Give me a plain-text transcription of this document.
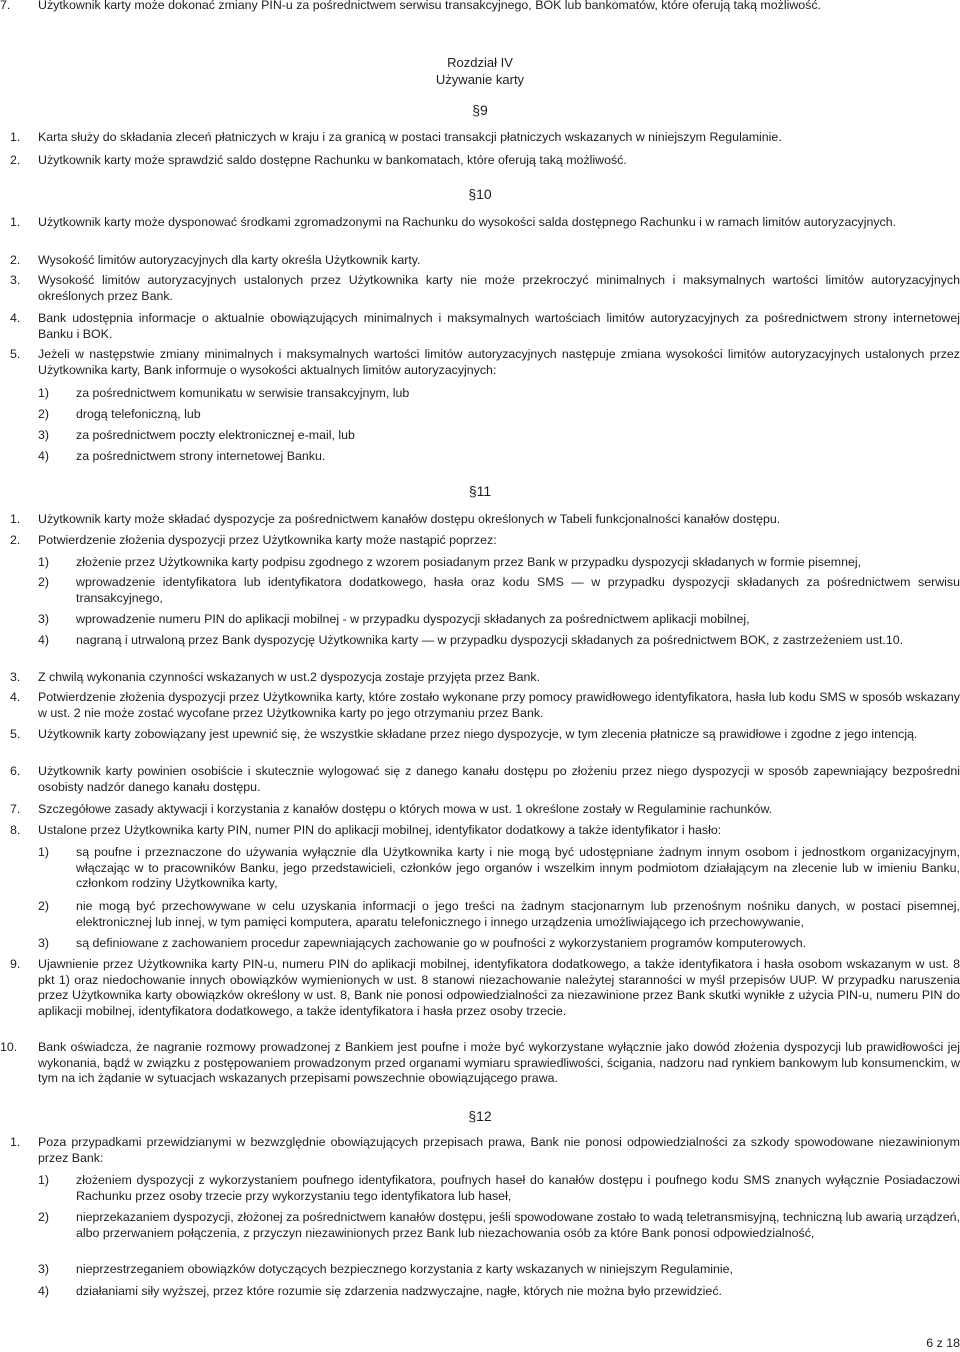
7. Użytkownik karty może dokonać zmiany PIN-u za pośrednictwem serwisu transakcyjnego, BOK lub bankomatów, które oferują taką możliwość.
Rozdział IV
Używanie karty
§9
1. Karta służy do składania zleceń płatniczych w kraju i za granicą w postaci transakcji płatniczych wskazanych w niniejszym Regulaminie.
2. Użytkownik karty może sprawdzić saldo dostępne Rachunku w bankomatach, które oferują taką możliwość.
§10
1. Użytkownik karty może dysponować środkami zgromadzonymi na Rachunku do wysokości salda dostępnego Rachunku i w ramach limitów autoryzacyjnych.
2. Wysokość limitów autoryzacyjnych dla karty określa Użytkownik karty.
3. Wysokość limitów autoryzacyjnych ustalonych przez Użytkownika karty nie może przekroczyć minimalnych i maksymalnych wartości limitów autoryzacyjnych określonych przez Bank.
4. Bank udostępnia informacje o aktualnie obowiązujących minimalnych i maksymalnych wartościach limitów autoryzacyjnych za pośrednictwem strony internetowej Banku i BOK.
5. Jeżeli w następstwie zmiany minimalnych i maksymalnych wartości limitów autoryzacyjnych następuje zmiana wysokości limitów autoryzacyjnych ustalonych przez Użytkownika karty, Bank informuje o wysokości aktualnych limitów autoryzacyjnych:
1) za pośrednictwem komunikatu w serwisie transakcyjnym, lub
2) drogą telefoniczną, lub
3) za pośrednictwem poczty elektronicznej e-mail, lub
4) za pośrednictwem strony internetowej Banku.
§11
1. Użytkownik karty może składać dyspozycje za pośrednictwem kanałów dostępu określonych w Tabeli funkcjonalności kanałów dostępu.
2. Potwierdzenie złożenia dyspozycji przez Użytkownika karty może nastąpić poprzez:
1) złożenie przez Użytkownika karty podpisu zgodnego z wzorem posiadanym przez Bank w przypadku dyspozycji składanych w formie pisemnej,
2) wprowadzenie identyfikatora lub identyfikatora dodatkowego, hasła oraz kodu SMS — w przypadku dyspozycji składanych za pośrednictwem serwisu transakcyjnego,
3) wprowadzenie numeru PIN do aplikacji mobilnej - w przypadku dyspozycji składanych za pośrednictwem aplikacji mobilnej,
4) nagraną i utrwaloną przez Bank dyspozycję Użytkownika karty — w przypadku dyspozycji składanych za pośrednictwem BOK, z zastrzeżeniem ust.10.
3. Z chwilą wykonania czynności wskazanych w ust.2 dyspozycja zostaje przyjęta przez Bank.
4. Potwierdzenie złożenia dyspozycji przez Użytkownika karty, które zostało wykonane przy pomocy prawidłowego identyfikatora, hasła lub kodu SMS w sposób wskazany w ust. 2 nie może zostać wycofane przez Użytkownika karty po jego otrzymaniu przez Bank.
5. Użytkownik karty zobowiązany jest upewnić się, że wszystkie składane przez niego dyspozycje, w tym zlecenia płatnicze są prawidłowe i zgodne z jego intencją.
6. Użytkownik karty powinien osobiście i skutecznie wylogować się z danego kanału dostępu po złożeniu przez niego dyspozycji w sposób zapewniający bezpośredni osobisty nadzór danego kanału dostępu.
7. Szczegółowe zasady aktywacji i korzystania z kanałów dostępu o których mowa w ust. 1 określone zostały w Regulaminie rachunków.
8. Ustalone przez Użytkownika karty PIN, numer PIN do aplikacji mobilnej, identyfikator dodatkowy a także identyfikator i hasło:
1) są poufne i przeznaczone do używania wyłącznie dla Użytkownika karty i nie mogą być udostępniane żadnym innym osobom i jednostkom organizacyjnym, włączając w to pracowników Banku, jego przedstawicieli, członków jego organów i wszelkim innym podmiotom działającym na zlecenie lub w imieniu Banku, członkom rodziny Użytkownika karty,
2) nie mogą być przechowywane w celu uzyskania informacji o jego treści na żadnym stacjonarnym lub przenośnym nośniku danych, w postaci pisemnej, elektronicznej lub innej, w tym pamięci komputera, aparatu telefonicznego i innego urządzenia umożliwiającego ich przechowywanie,
3) są definiowane z zachowaniem procedur zapewniających zachowanie go w poufności z wykorzystaniem programów komputerowych.
9. Ujawnienie przez Użytkownika karty PIN-u, numeru PIN do aplikacji mobilnej, identyfikatora dodatkowego, a także identyfikatora i hasła osobom wskazanym w ust. 8 pkt 1) oraz niedochowanie innych obowiązków wymienionych w ust. 8 stanowi niezachowanie należytej staranności w myśl przepisów UUP. W przypadku naruszenia przez Użytkownika karty obowiązków określony w ust. 8, Bank nie ponosi odpowiedzialności za niezawinione przez Bank skutki wynikłe z użycia PIN-u, numeru PIN do aplikacji mobilnej, identyfikatora dodatkowego, a także identyfikatora i hasła przez osoby trzecie.
10. Bank oświadcza, że nagranie rozmowy prowadzonej z Bankiem jest poufne i może być wykorzystane wyłącznie jako dowód złożenia dyspozycji lub prawidłowości jej wykonania, bądź w związku z postępowaniem prowadzonym przed organami wymiaru sprawiedliwości, ścigania, nadzoru nad rynkiem bankowym lub konsumenckim, w tym na ich żądanie w sytuacjach wskazanych przepisami powszechnie obowiązującego prawa.
§12
1. Poza przypadkami przewidzianymi w bezwzględnie obowiązujących przepisach prawa, Bank nie ponosi odpowiedzialności za szkody spowodowane niezawinionym przez Bank:
1) złożeniem dyspozycji z wykorzystaniem poufnego identyfikatora, poufnych haseł do kanałów dostępu i poufnego kodu SMS znanych wyłącznie Posiadaczowi Rachunku przez osoby trzecie przy wykorzystaniu tego identyfikatora lub haseł,
2) nieprzekazaniem dyspozycji, złożonej za pośrednictwem kanałów dostępu, jeśli spowodowane zostało to wadą teletransmisyjną, techniczną lub awarią urządzeń, albo przerwaniem połączenia, z przyczyn niezawinionych przez Bank lub niezachowania osób za które Bank ponosi odpowiedzialność,
3) nieprzestrzeganiem obowiązków dotyczących bezpiecznego korzystania z karty wskazanych w niniejszym Regulaminie,
4) działaniami siły wyższej, przez które rozumie się zdarzenia nadzwyczajne, nagłe, których nie można było przewidzieć.
6 z 18
